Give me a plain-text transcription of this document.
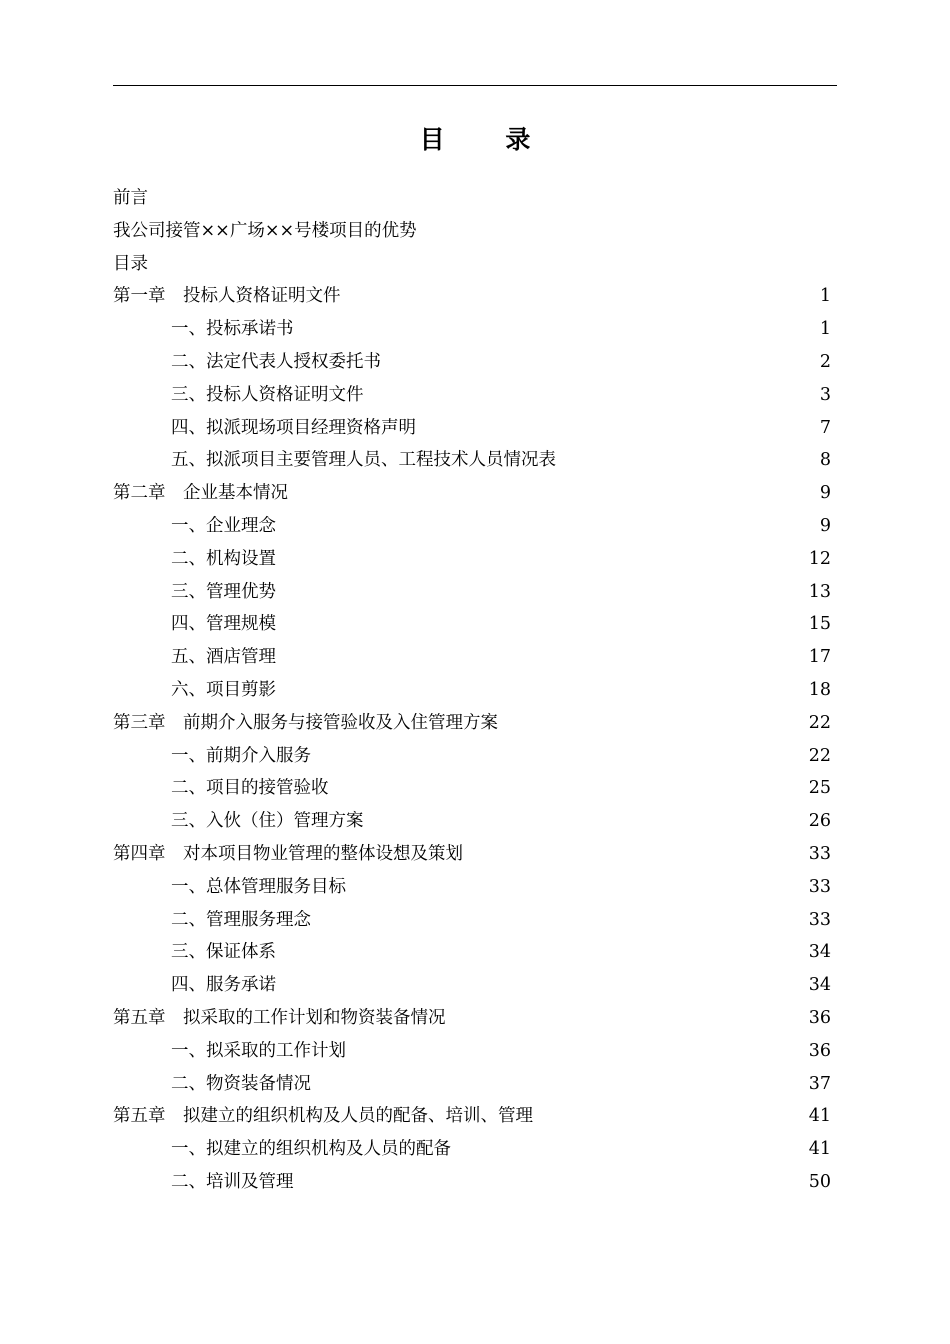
目 录
前言
我公司接管××广场××号楼项目的优势
目录
第一章　投标人资格证明文件	1
一、投标承诺书	1
二、法定代表人授权委托书	2
三、投标人资格证明文件	3
四、拟派现场项目经理资格声明	7
五、拟派项目主要管理人员、工程技术人员情况表	8
第二章　企业基本情况	9
一、企业理念	9
二、机构设置	12
三、管理优势	13
四、管理规模	15
五、酒店管理	17
六、项目剪影	18
第三章　前期介入服务与接管验收及入住管理方案	22
一、前期介入服务	22
二、项目的接管验收	25
三、入伙（住）管理方案	26
第四章　对本项目物业管理的整体设想及策划	33
一、总体管理服务目标	33
二、管理服务理念	33
三、保证体系	34
四、服务承诺	34
第五章　拟采取的工作计划和物资装备情况	36
一、拟采取的工作计划	36
二、物资装备情况	37
第五章　拟建立的组织机构及人员的配备、培训、管理	41
一、拟建立的组织机构及人员的配备	41
二、培训及管理	50
